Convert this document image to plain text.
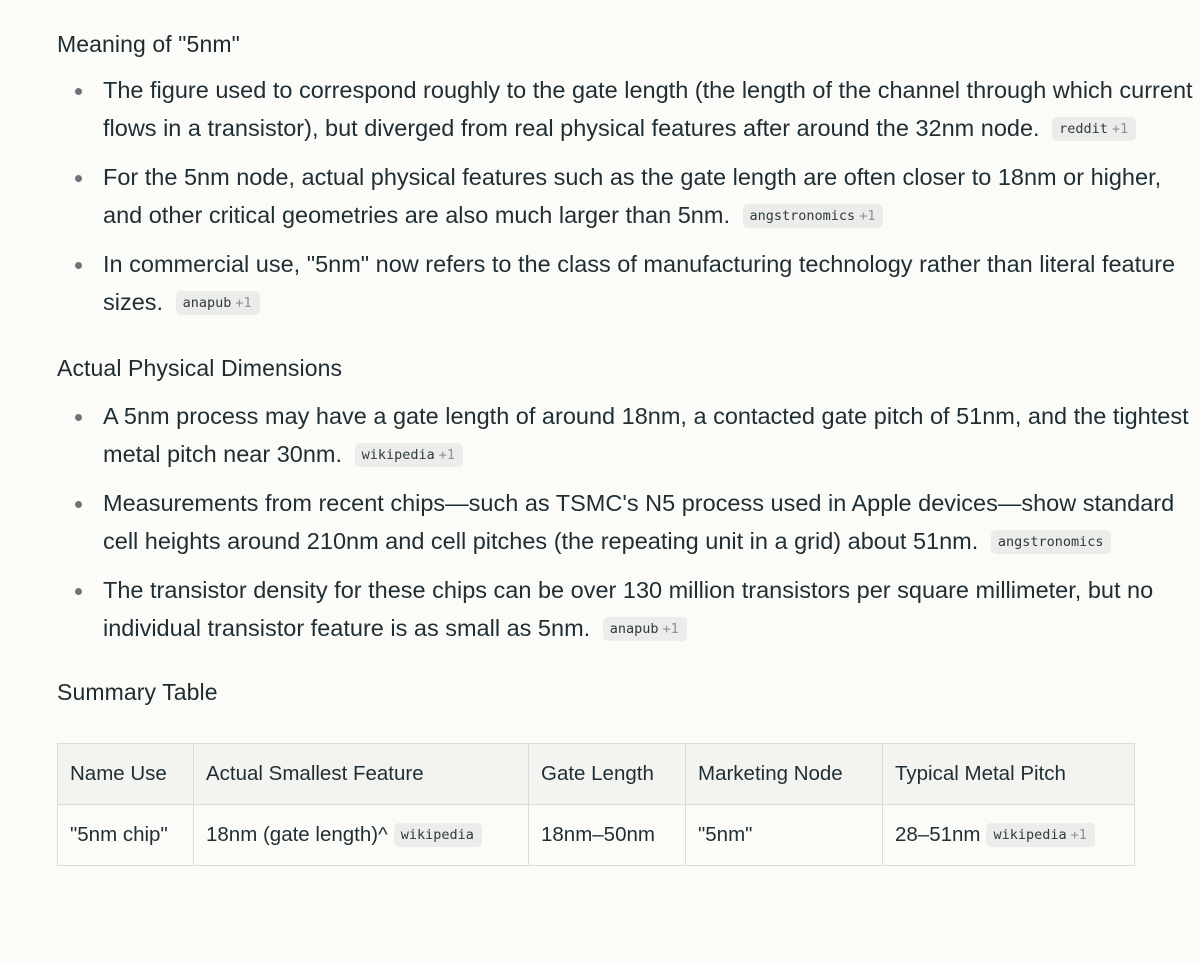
Meaning of "5nm"
The figure used to correspond roughly to the gate length (the length of the channel through which current flows in a transistor), but diverged from real physical features after around the 32nm node. reddit +1
For the 5nm node, actual physical features such as the gate length are often closer to 18nm or higher, and other critical geometries are also much larger than 5nm. angstronomics +1
In commercial use, "5nm" now refers to the class of manufacturing technology rather than literal feature sizes. anapub +1
Actual Physical Dimensions
A 5nm process may have a gate length of around 18nm, a contacted gate pitch of 51nm, and the tightest metal pitch near 30nm. wikipedia +1
Measurements from recent chips—such as TSMC's N5 process used in Apple devices—show standard cell heights around 210nm and cell pitches (the repeating unit in a grid) about 51nm. angstronomics
The transistor density for these chips can be over 130 million transistors per square millimeter, but no individual transistor feature is as small as 5nm. anapub +1
Summary Table
Name Use	Actual Smallest Feature	Gate Length	Marketing Node	Typical Metal Pitch
"5nm chip"	18nm (gate length)^ wikipedia	18nm–50nm	"5nm"	28–51nm wikipedia +1
